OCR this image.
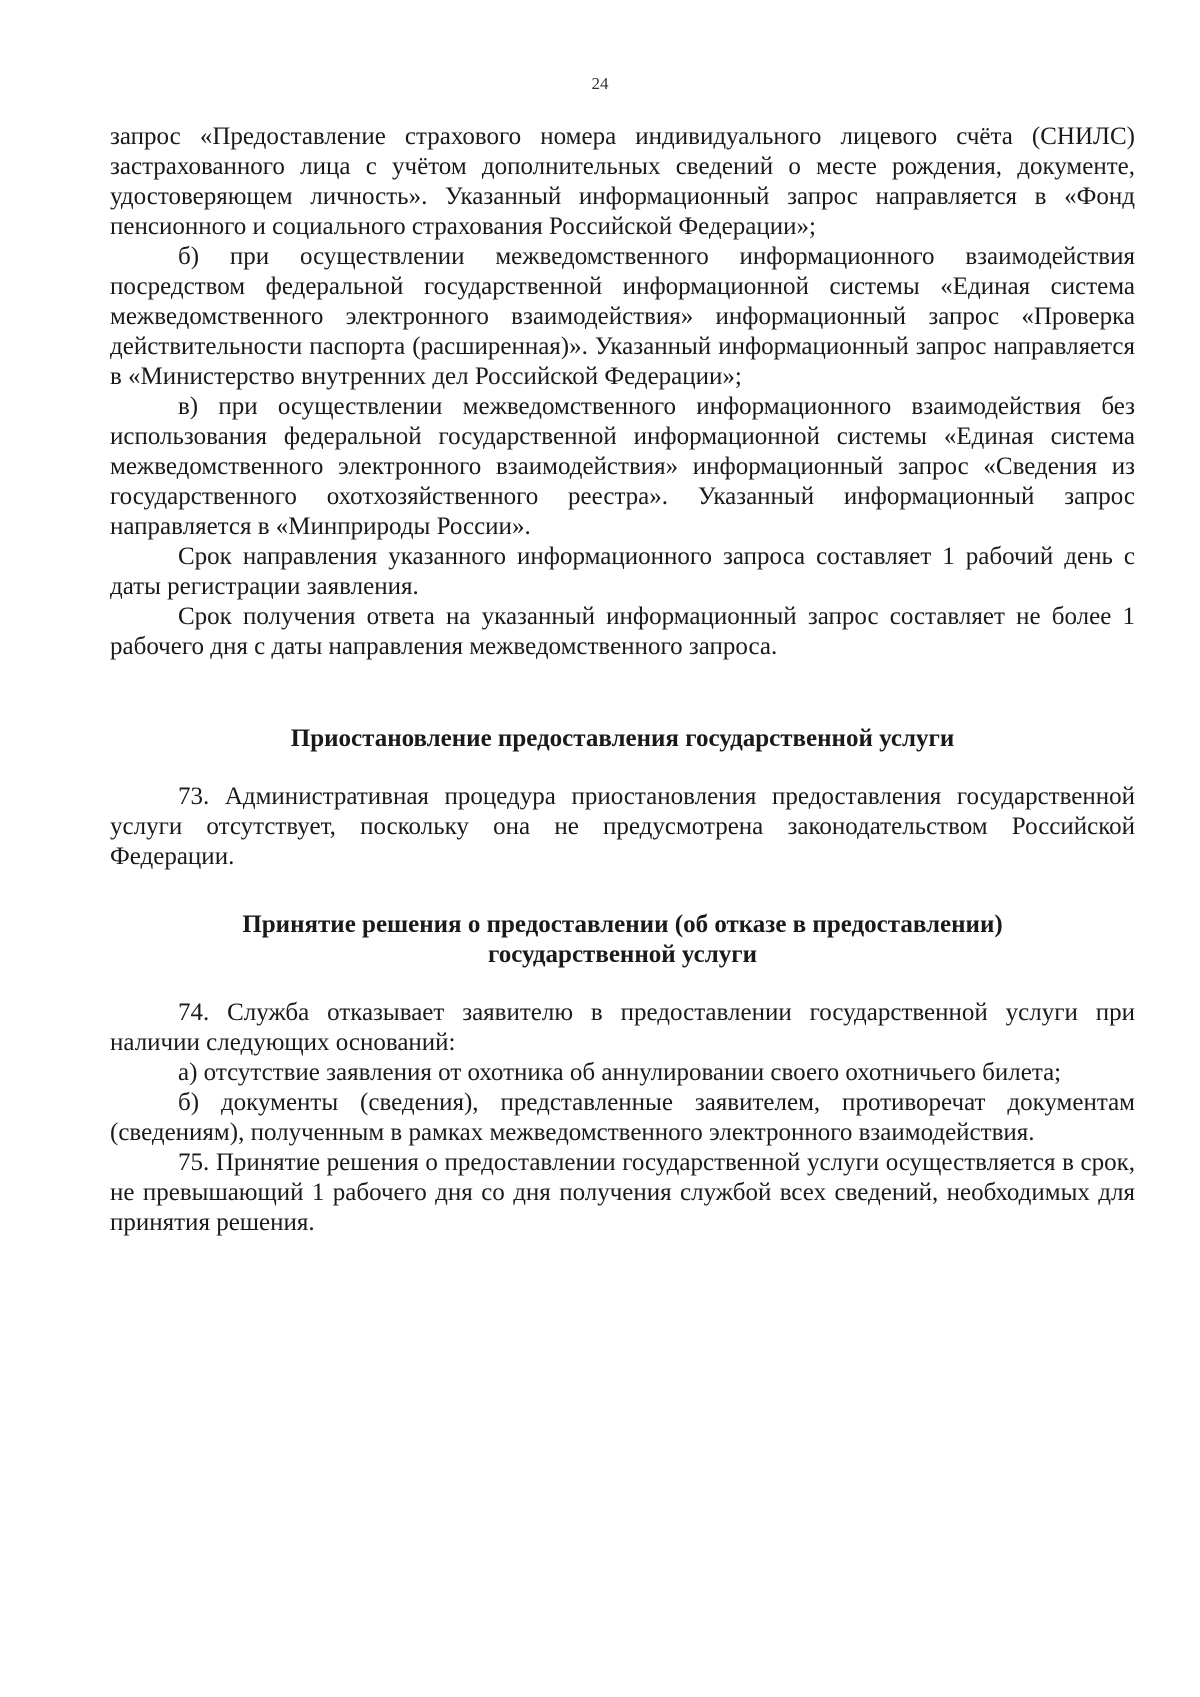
24

запрос «Предоставление страхового номера индивидуального лицевого счёта (СНИЛС) застрахованного лица с учётом дополнительных сведений о месте рождения, документе, удостоверяющем личность». Указанный информационный запрос направляется в «Фонд пенсионного и социального страхования Российской Федерации»;

б) при осуществлении межведомственного информационного взаимодействия посредством федеральной государственной информационной системы «Единая система межведомственного электронного взаимодействия» информационный запрос «Проверка действительности паспорта (расширенная)». Указанный информационный запрос направляется в «Министерство внутренних дел Российской Федерации»;

в) при осуществлении межведомственного информационного взаимодействия без использования федеральной государственной информационной системы «Единая система межведомственного электронного взаимодействия» информационный запрос «Сведения из государственного охотхозяйственного реестра». Указанный информационный запрос направляется в «Минприроды России».

Срок направления указанного информационного запроса составляет 1 рабочий день с даты регистрации заявления.

Срок получения ответа на указанный информационный запрос составляет не более 1 рабочего дня с даты направления межведомственного запроса.

Приостановление предоставления государственной услуги

73. Административная процедура приостановления предоставления государственной услуги отсутствует, поскольку она не предусмотрена законодательством Российской Федерации.

Принятие решения о предоставлении (об отказе в предоставлении)
государственной услуги

74. Служба отказывает заявителю в предоставлении государственной услуги при наличии следующих оснований:

а) отсутствие заявления от охотника об аннулировании своего охотничьего билета;

б) документы (сведения), представленные заявителем, противоречат документам (сведениям), полученным в рамках межведомственного электронного взаимодействия.

75. Принятие решения о предоставлении государственной услуги осуществляется в срок, не превышающий 1 рабочего дня со дня получения службой всех сведений, необходимых для принятия решения.
